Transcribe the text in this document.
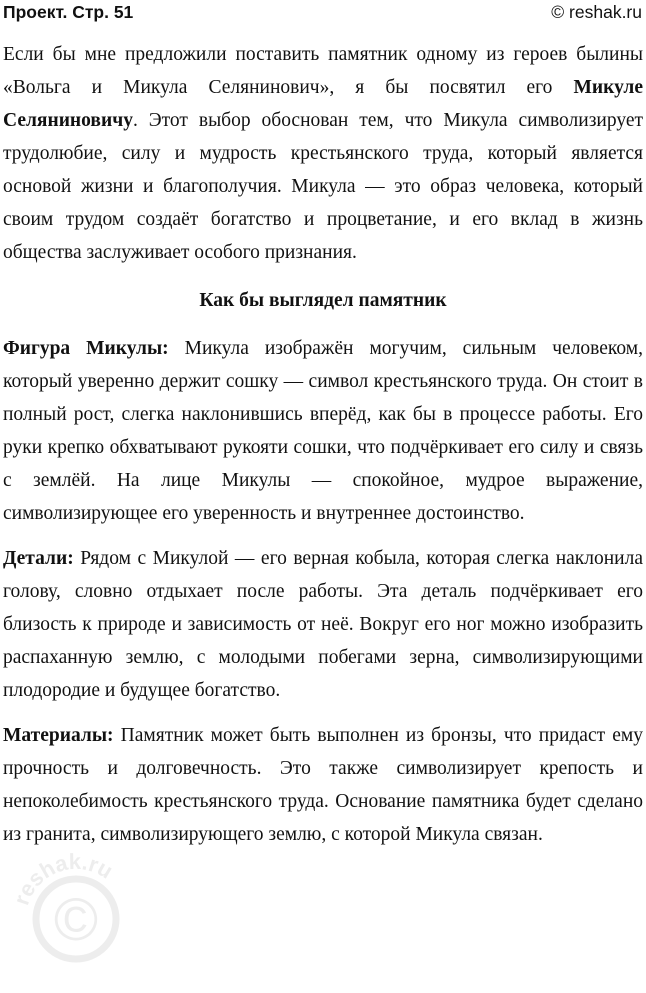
Проект. Стр. 51	© reshak.ru

Если бы мне предложили поставить памятник одному из героев былины «Вольга и Микула Селянинович», я бы посвятил его Микуле Селяниновичу. Этот выбор обоснован тем, что Микула символизирует трудолюбие, силу и мудрость крестьянского труда, который является основой жизни и благополучия. Микула — это образ человека, который своим трудом создаёт богатство и процветание, и его вклад в жизнь общества заслуживает особого признания.

Как бы выглядел памятник

Фигура Микулы: Микула изображён могучим, сильным человеком, который уверенно держит сошку — символ крестьянского труда. Он стоит в полный рост, слегка наклонившись вперёд, как бы в процессе работы. Его руки крепко обхватывают рукояти сошки, что подчёркивает его силу и связь с землёй. На лице Микулы — спокойное, мудрое выражение, символизирующее его уверенность и внутреннее достоинство.

Детали: Рядом с Микулой — его верная кобыла, которая слегка наклонила голову, словно отдыхает после работы. Эта деталь подчёркивает его близость к природе и зависимость от неё. Вокруг его ног можно изобразить распаханную землю, с молодыми побегами зерна, символизирующими плодородие и будущее богатство.

Материалы: Памятник может быть выполнен из бронзы, что придаст ему прочность и долговечность. Это также символизирует крепость и непоколебимость крестьянского труда. Основание памятника будет сделано из гранита, символизирующего землю, с которой Микула связан.

©
reshak.ru
